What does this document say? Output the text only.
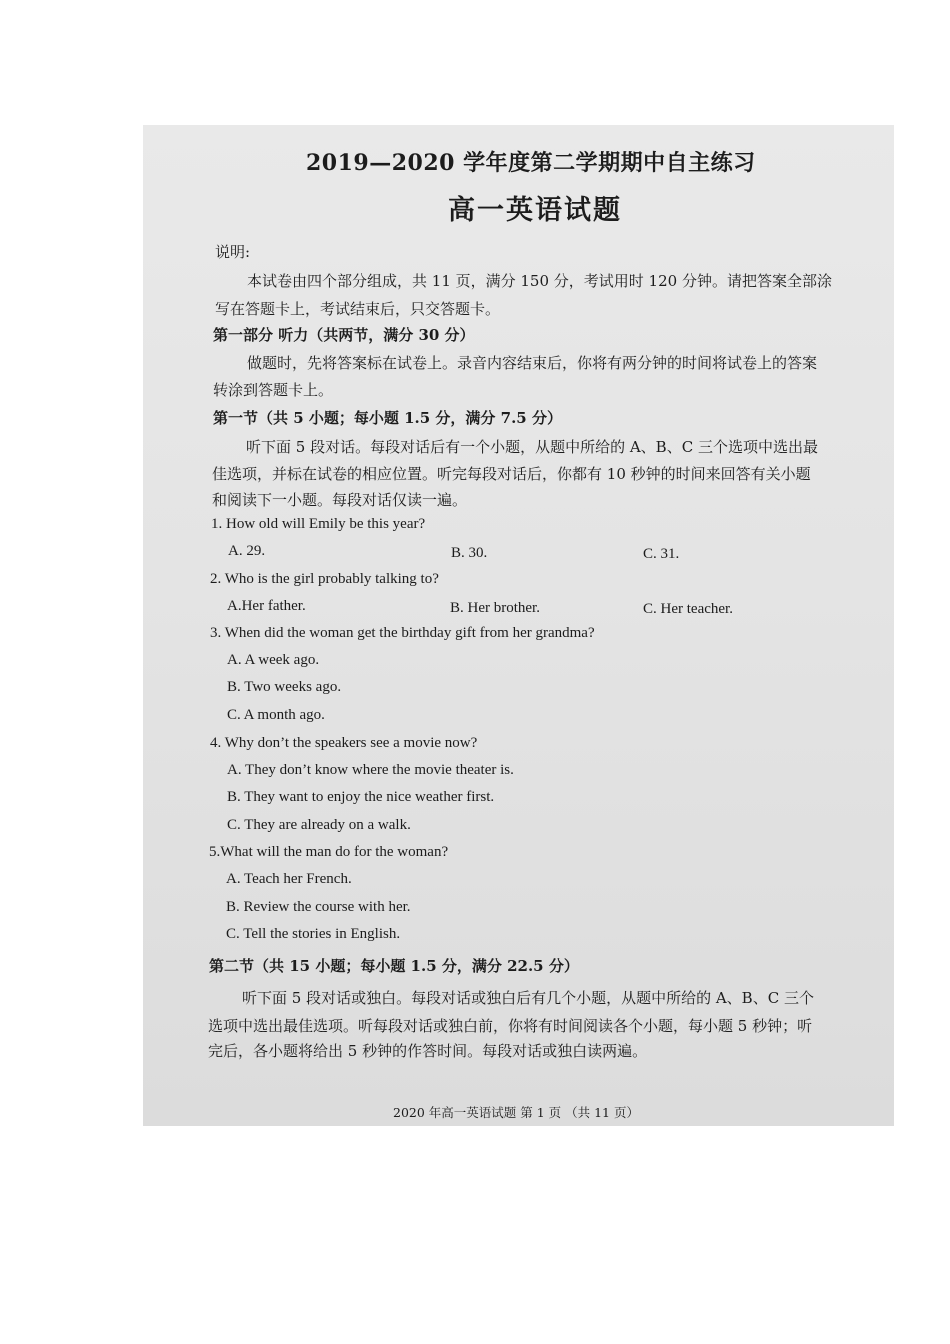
2019—2020 学年度第二学期期中自主练习
高一英语试题
说明:
本试卷由四个部分组成，共 11 页，满分 150 分，考试用时 120 分钟。请把答案全部涂
写在答题卡上，考试结束后，只交答题卡。
第一部分 听力（共两节，满分 30 分）
做题时，先将答案标在试卷上。录音内容结束后，你将有两分钟的时间将试卷上的答案
转涂到答题卡上。
第一节（共 5 小题；每小题 1.5 分，满分 7.5 分）
听下面 5 段对话。每段对话后有一个小题，从题中所给的 A、B、C 三个选项中选出最
佳选项，并标在试卷的相应位置。听完每段对话后，你都有 10 秒钟的时间来回答有关小题
和阅读下一小题。每段对话仅读一遍。
1. How old will Emily be this year?
A. 29.	B. 30.	C. 31.
2. Who is the girl probably talking to?
A.Her father.	B. Her brother.	C. Her teacher.
3. When did the woman get the birthday gift from her grandma?
A. A week ago.
B. Two weeks ago.
C. A month ago.
4. Why don’t the speakers see a movie now?
A. They don’t know where the movie theater is.
B. They want to enjoy the nice weather first.
C. They are already on a walk.
5.What will the man do for the woman?
A. Teach her French.
B. Review the course with her.
C. Tell the stories in English.
第二节（共 15 小题；每小题 1.5 分，满分 22.5 分）
听下面 5 段对话或独白。每段对话或独白后有几个小题，从题中所给的 A、B、C 三个
选项中选出最佳选项。听每段对话或独白前，你将有时间阅读各个小题，每小题 5 秒钟；听
完后，各小题将给出 5 秒钟的作答时间。每段对话或独白读两遍。
2020 年高一英语试题 第 1 页 （共 11 页）
